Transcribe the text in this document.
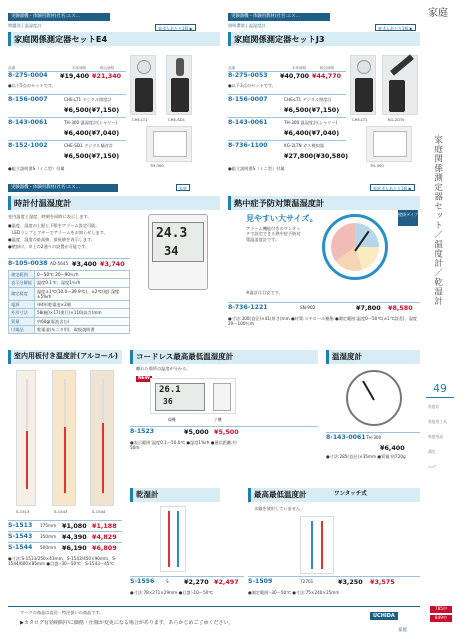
家庭
家庭関係測定器セット／温度計／乾湿計
49
家庭店
家庭用工具
家庭用品
測定
ｼｮｯﾌﾟ
785中
849中
実験器機・体験用教材(社名:エス…
問題別 | 温湿度計
東 4人あたり1個 ▶
家庭関係測定器セットE4
品番	本体価格	税込価格
8-275-0004 ¥19,400 ¥21,340
●以下5点のセットです。
8-156-0007	CHE-LT1 デジタル照度計
¥6,500(¥7,150)
8-143-0061	TH-300 温湿度計(シャリー)
¥6,400(¥7,040)
8-152-1002	CHE-SD1 デジタル騒音計
¥6,500(¥7,150)
●組立説明書S（ミニ型）付属
CHE-LT1	CHE-SD1
TH-300
実験器機・体験用教材(社名:エス…
照明環境 | 温湿度計
東 4人あたり1個 ▶
家庭関係測定器セットJ3
品番	本体価格	税込価格
8-275-0053 ¥40,700 ¥44,770
●以下3点のセットです。
8-156-0007	CHE-LT1 デジタル照度計
¥6,500(¥7,150)
8-143-0061	TH-300 温湿度計(シャリー)
¥6,400(¥7,040)
8-736-1100	KG-2LTN ガス検知器
¥27,800(¥30,580)
●組立説明書S（ミニ型）付属
CHE-LT1	KG-2LTN
TH-300
実験器機・体験用教材(社名:エス…	家庭
時計付温湿度計
室内温度と湿度、時刻を同時に表示します。
●温度、湿度の上限と下限をアラーム設定可能。
LEDランプとブザーでアラームをお知らせします。
●温度、湿度の最高値、最低値を表示します。
●壁掛け、卓上の2通りの設置が可能です。
24.3
34
8-105-0038 AD-5645 ¥3,400 ¥3,740
測定範囲	0〜50℃ 20〜90％rh
表示分解能	温度0.1℃、湿度1％rh
測定精度	温度±1℃(10.0〜39.9℃)、±2℃(他) 湿度±5%rh
電源	単4形乾電池×2個
外形寸法	58(幅)×17(奥行)×110(高さ)mm
質量	約60g(電池含む)
付属品	乾電池(モニタ用)、取扱説明書
家庭 4人あたり1個 ▶
熱中症予防対策温湿度計
見やすい大サイズ。
アラーム機能付きのワンタッチで設定できる熱中症予防対策温湿度計です。
壁掛タイプ
※温計は目安です。
8-736-1221	SN-902	¥7,800 ¥8,580
●寸法:300(直径)×41(厚さ)mm ●材質:スチロール樹脂 ●測定範囲:温度0〜50℃(±1℃誤差)、湿度20〜100％rh
室内用板付き温度計(アルコール)
S-1513	S-1543	S-1544
S-1513 175mm ¥1,080 ¥1,188
S-1543 350mm ¥4,390 ¥4,829
S-1544 500mm ¥6,190 ¥6,809
●寸法:S-1513/250×43mm、S-1543/450×90mm、S-1544/600×85mm ●目盛:-30〜50℃、S-1543〜45℃
コードレス最高最低温湿度計
離れた場所の温度が分かる。
NEW
26.1
36
親機	子機
8-1523	¥5,000 ¥5,500
●表示範囲:温度0.1〜50.0℃ ●湿度1%rh ●通信距離:約50m
乾湿計
S-1556	S ¥2,270 ¥2,497
●寸法:78×271×29mm ●目盛:-10〜50℃
温湿度計
8-143-0061 TH-300
¥6,400
●寸法:285(直径)×35mm ●質量:約720g
最高最低温度計	ワンタッチ式
水銀を使用していません。
S-1509	72701	¥3,250 ¥3,575
●測定範囲:-30〜50℃ ●寸法:75×240×25mm
マークの商品は直送・特注扱いの商品です。
▶カタログ有効期間中に価格・仕様が変更になる場合があります。あらかじめご了承ください。
UCHIDA
家庭
